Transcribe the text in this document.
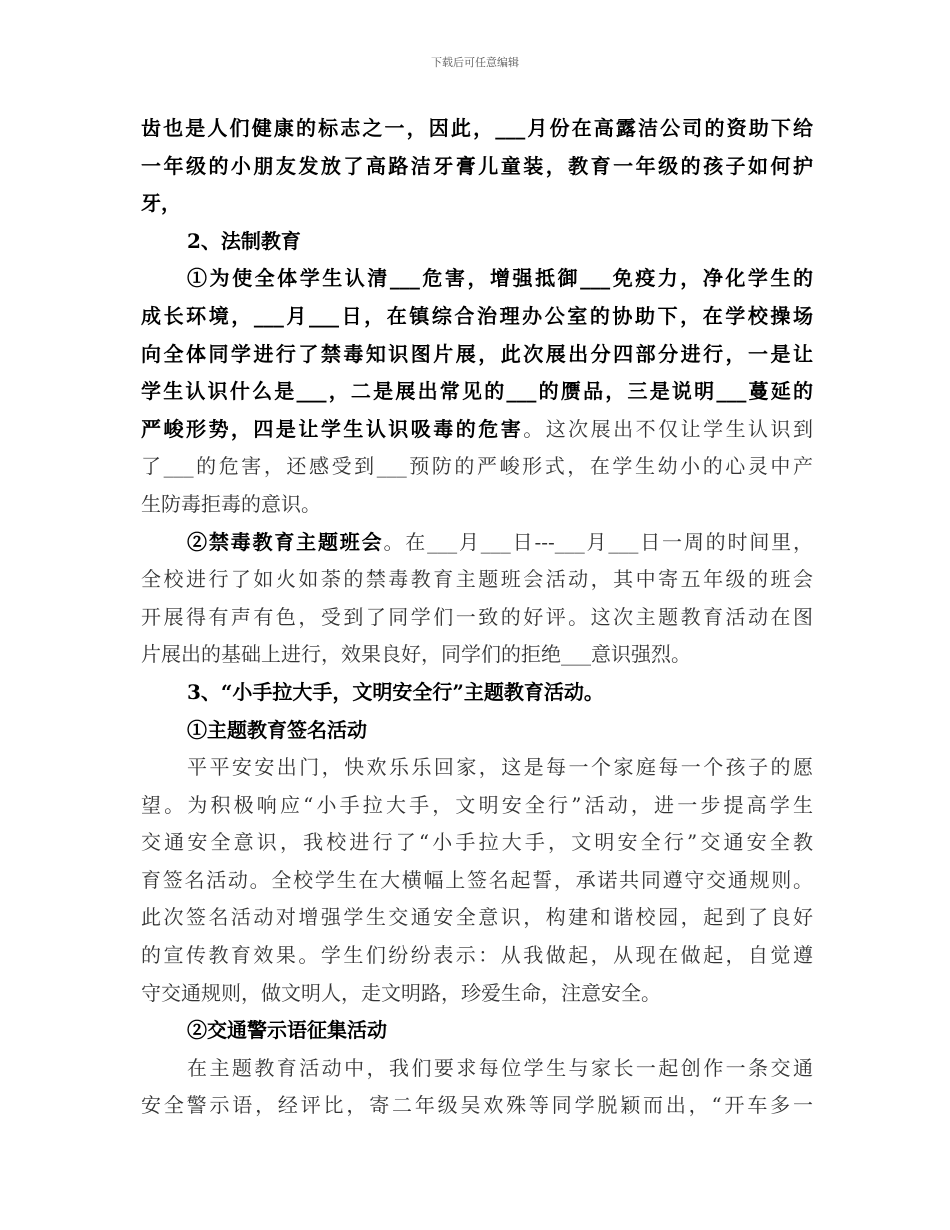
下载后可任意编辑
齿也是人们健康的标志之一，因此，___月份在高露洁公司的资助下给
一年级的小朋友发放了高路洁牙膏儿童装，教育一年级的孩子如何护
牙，
2、法制教育
①为使全体学生认清___危害，增强抵御___免疫力，净化学生的
成长环境，___月___日，在镇综合治理办公室的协助下，在学校操场
向全体同学进行了禁毒知识图片展，此次展出分四部分进行，一是让
学生认识什么是___，二是展出常见的___的赝品，三是说明___蔓延的
严峻形势，四是让学生认识吸毒的危害。这次展出不仅让学生认识到
了___的危害，还感受到___预防的严峻形式，在学生幼小的心灵中产
生防毒拒毒的意识。
②禁毒教育主题班会。在___月___日---___月___日一周的时间里，
全校进行了如火如荼的禁毒教育主题班会活动，其中寄五年级的班会
开展得有声有色，受到了同学们一致的好评。这次主题教育活动在图
片展出的基础上进行，效果良好，同学们的拒绝___意识强烈。
3、“小手拉大手，文明安全行”主题教育活动。
①主题教育签名活动
平平安安出门，快欢乐乐回家，这是每一个家庭每一个孩子的愿
望。为积极响应“小手拉大手，文明安全行”活动，进一步提高学生
交通安全意识，我校进行了“小手拉大手，文明安全行”交通安全教
育签名活动。全校学生在大横幅上签名起誓，承诺共同遵守交通规则。
此次签名活动对增强学生交通安全意识，构建和谐校园，起到了良好
的宣传教育效果。学生们纷纷表示：从我做起，从现在做起，自觉遵
守交通规则，做文明人，走文明路，珍爱生命，注意安全。
②交通警示语征集活动
在主题教育活动中，我们要求每位学生与家长一起创作一条交通
安全警示语，经评比，寄二年级吴欢殊等同学脱颖而出，“开车多一
